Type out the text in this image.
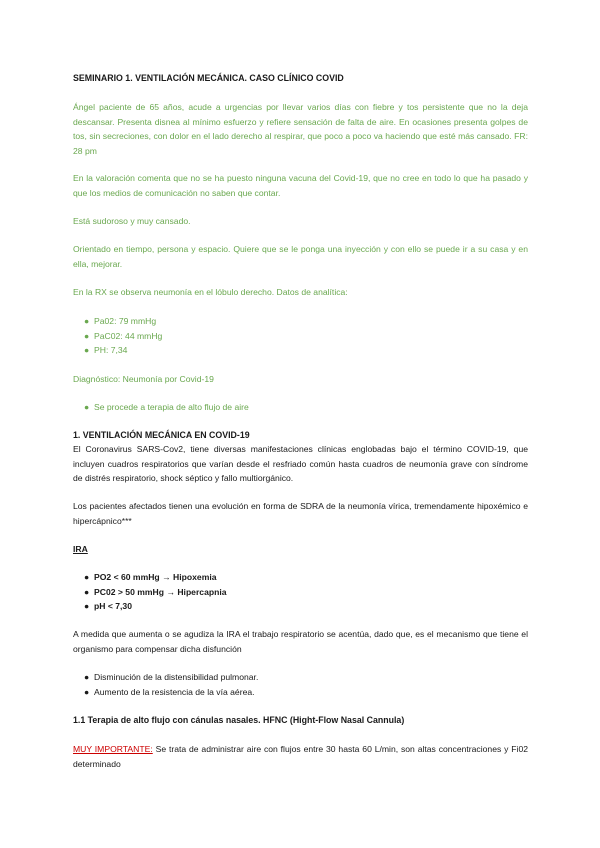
SEMINARIO 1. VENTILACIÓN MECÁNICA. CASO CLÍNICO COVID

Ángel paciente de 65 años, acude a urgencias por llevar varios días con fiebre y tos persistente que no la deja descansar. Presenta disnea al mínimo esfuerzo y refiere sensación de falta de aire. En ocasiones presenta golpes de tos, sin secreciones, con dolor en el lado derecho al respirar, que poco a poco va haciendo que esté más cansado. FR: 28 pm

En la valoración comenta que no se ha puesto ninguna vacuna del Covid-19, que no cree en todo lo que ha pasado y que los medios de comunicación no saben que contar.

Está sudoroso y muy cansado.

Orientado en tiempo, persona y espacio. Quiere que se le ponga una inyección y con ello se puede ir a su casa y en ella, mejorar.

En la RX se observa neumonía en el lóbulo derecho. Datos de analítica:

● Pa02: 79 mmHg
● PaC02: 44 mmHg
● PH: 7,34

Diagnóstico: Neumonía por Covid-19

● Se procede a terapia de alto flujo de aire

1. VENTILACIÓN MECÁNICA EN COVID-19

El Coronavirus SARS-Cov2, tiene diversas manifestaciones clínicas englobadas bajo el término COVID-19, que incluyen cuadros respiratorios que varían desde el resfriado común hasta cuadros de neumonía grave con síndrome de distrés respiratorio, shock séptico y fallo multiorgánico.

Los pacientes afectados tienen una evolución en forma de SDRA de la neumonía vírica, tremendamente hipoxémico e hipercápnico***

IRA

● PO2 < 60 mmHg → Hipoxemia
● PC02 > 50 mmHg → Hipercapnia
● pH < 7,30

A medida que aumenta o se agudiza la IRA el trabajo respiratorio se acentúa, dado que, es el mecanismo que tiene el organismo para compensar dicha disfunción

● Disminución de la distensibilidad pulmonar.
● Aumento de la resistencia de la vía aérea.

1.1 Terapia de alto flujo con cánulas nasales. HFNC (Hight-Flow Nasal Cannula)

MUY IMPORTANTE: Se trata de administrar aire con flujos entre 30 hasta 60 L/min, son altas concentraciones y Fi02 determinado
